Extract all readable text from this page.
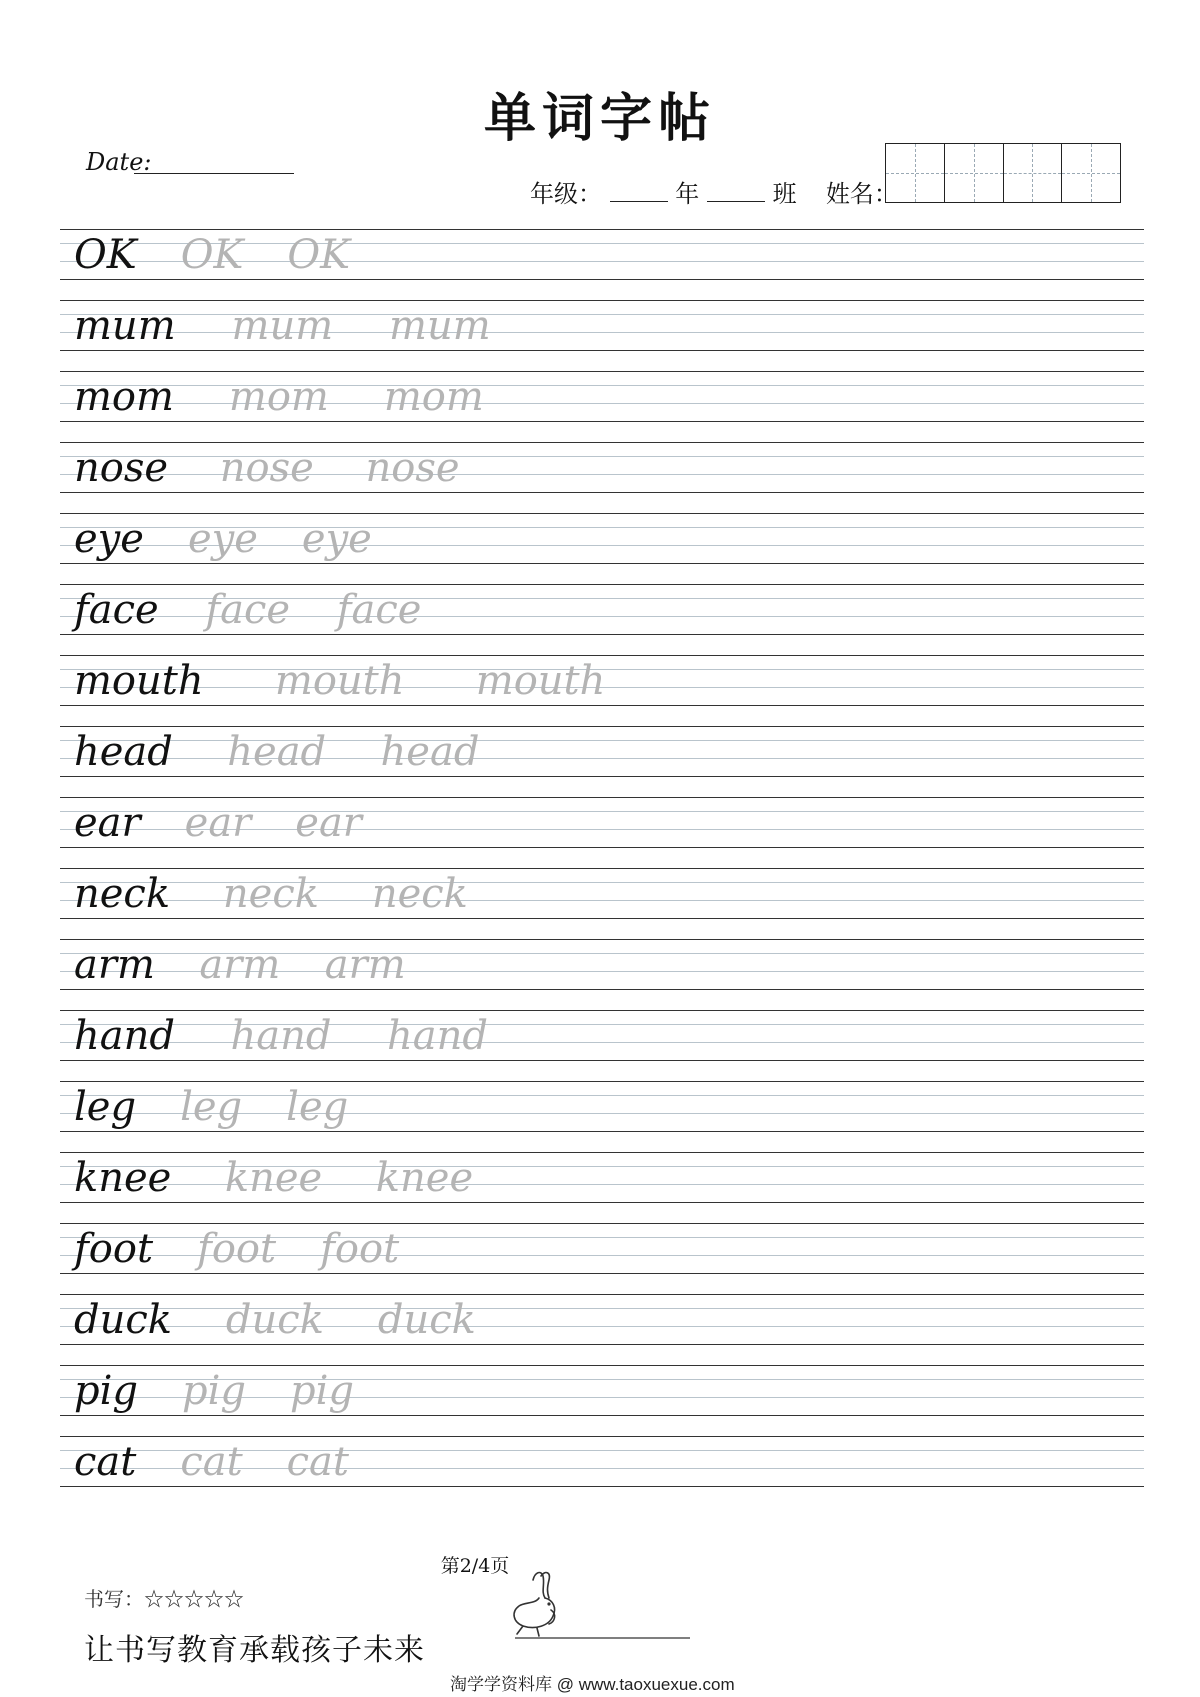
单词字帖
Date:
年级：	年	班 姓名：
OK OK OK
mum mum mum
mom mom mom
nose nose nose
eye eye eye
face face face
mouth mouth mouth
head head head
ear ear ear
neck neck neck
arm arm arm
hand hand hand
leg leg leg
knee knee knee
foot foot foot
duck duck duck
pig pig pig
cat cat cat
第2/4页
书写：☆☆☆☆☆
让书写教育承载孩子未来
淘学学资料库 @ www.taoxuexue.com
